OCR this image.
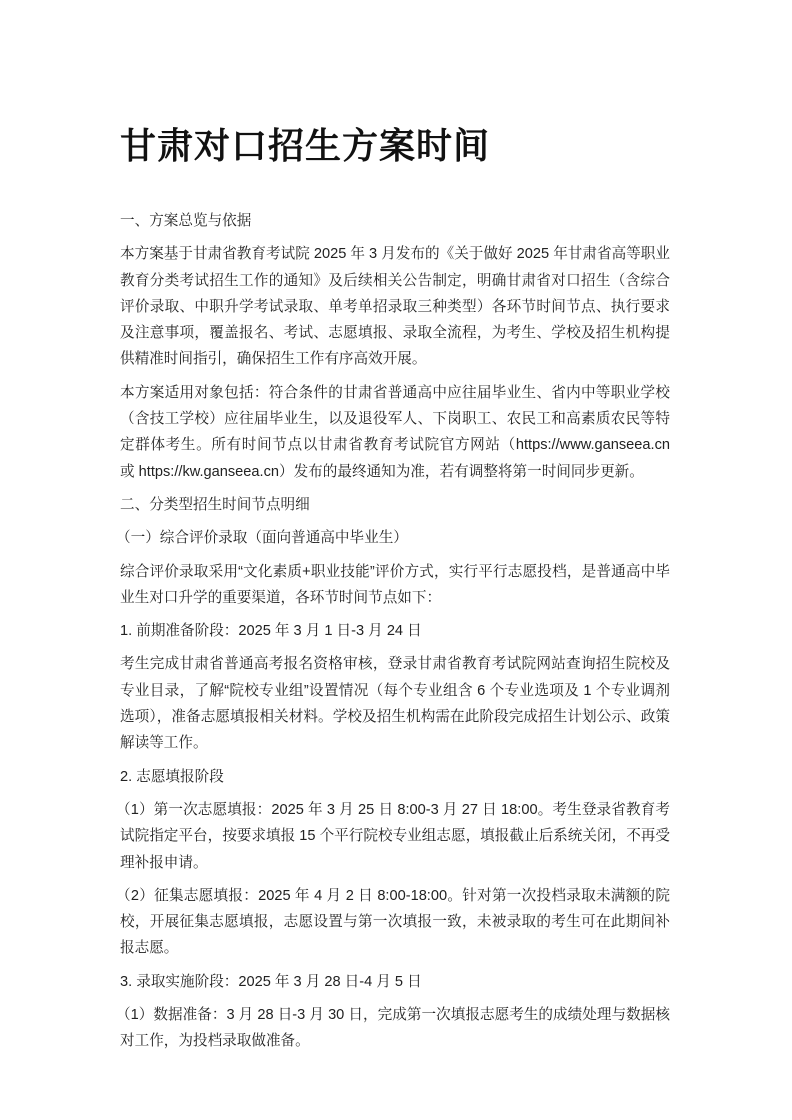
甘肃对口招生方案时间

一、方案总览与依据

本方案基于甘肃省教育考试院 2025 年 3 月发布的《关于做好 2025 年甘肃省高等职业教育分类考试招生工作的通知》及后续相关公告制定，明确甘肃省对口招生（含综合评价录取、中职升学考试录取、单考单招录取三种类型）各环节时间节点、执行要求及注意事项，覆盖报名、考试、志愿填报、录取全流程，为考生、学校及招生机构提供精准时间指引，确保招生工作有序高效开展。

本方案适用对象包括：符合条件的甘肃省普通高中应往届毕业生、省内中等职业学校（含技工学校）应往届毕业生，以及退役军人、下岗职工、农民工和高素质农民等特定群体考生。所有时间节点以甘肃省教育考试院官方网站（https://www.ganseea.cn 或 https://kw.ganseea.cn）发布的最终通知为准，若有调整将第一时间同步更新。

二、分类型招生时间节点明细

（一）综合评价录取（面向普通高中毕业生）

综合评价录取采用“文化素质+职业技能”评价方式，实行平行志愿投档，是普通高中毕业生对口升学的重要渠道，各环节时间节点如下：

1. 前期准备阶段：2025 年 3 月 1 日-3 月 24 日

考生完成甘肃省普通高考报名资格审核，登录甘肃省教育考试院网站查询招生院校及专业目录，了解“院校专业组”设置情况（每个专业组含 6 个专业选项及 1 个专业调剂选项），准备志愿填报相关材料。学校及招生机构需在此阶段完成招生计划公示、政策解读等工作。

2. 志愿填报阶段

（1）第一次志愿填报：2025 年 3 月 25 日 8:00-3 月 27 日 18:00。考生登录省教育考试院指定平台，按要求填报 15 个平行院校专业组志愿，填报截止后系统关闭，不再受理补报申请。

（2）征集志愿填报：2025 年 4 月 2 日 8:00-18:00。针对第一次投档录取未满额的院校，开展征集志愿填报，志愿设置与第一次填报一致，未被录取的考生可在此期间补报志愿。

3. 录取实施阶段：2025 年 3 月 28 日-4 月 5 日

（1）数据准备：3 月 28 日-3 月 30 日，完成第一次填报志愿考生的成绩处理与数据核对工作，为投档录取做准备。
